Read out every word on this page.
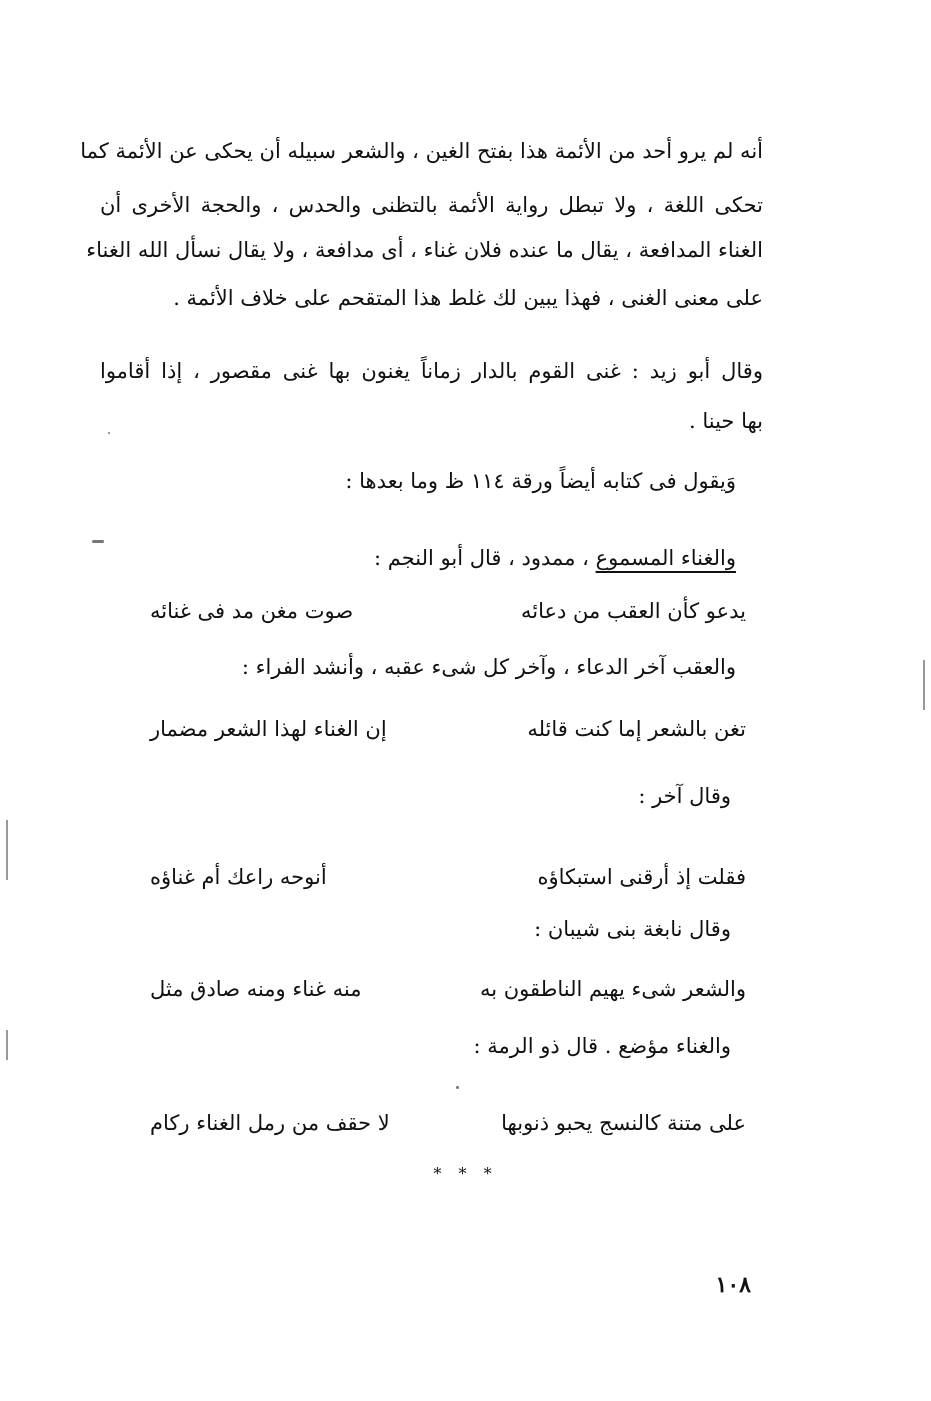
أنه لم يرو أحد من الأئمة هذا بفتح الغين ، والشعر سبيله أن يحكى عن الأئمة كما
تحكى اللغة ، ولا تبطل رواية الأئمة بالتظنى والحدس ، والحجة الأخرى أن
الغناء المدافعة ، يقال ما عنده فلان غناء ، أى مدافعة ، ولا يقال نسأل الله الغناء
على معنى الغنى ، فهذا يبين لك غلط هذا المتقحم على خلاف الأئمة .
وقال أبو زيد : غنى القوم بالدار زماناً يغنون بها غنى مقصور ، إذا أقاموا
بها حينا .
وَيقول فى كتابه أيضاً ورقة ١١٤ ظ وما بعدها :
والغناء المسموع ، ممدود ، قال أبو النجم :
يدعو كأن العقب من دعائه
صوت مغن مد فى غنائه
والعقب آخر الدعاء ، وآخر كل شىء عقبه ، وأنشد الفراء :
تغن بالشعر إما كنت قائله
إن الغناء لهذا الشعر مضمار
وقال آخر :
فقلت إذ أرقنى استبكاؤه
أنوحه راعك أم غناؤه
وقال نابغة بنى شيبان :
والشعر شىء يهيم الناطقون به
منه غناء ومنه صادق مثل
والغناء مؤضع . قال ذو الرمة :
على متنة كالنسج يحبو ذنوبها
لا حقف من رمل الغناء ركام
* * *
١٠٨
